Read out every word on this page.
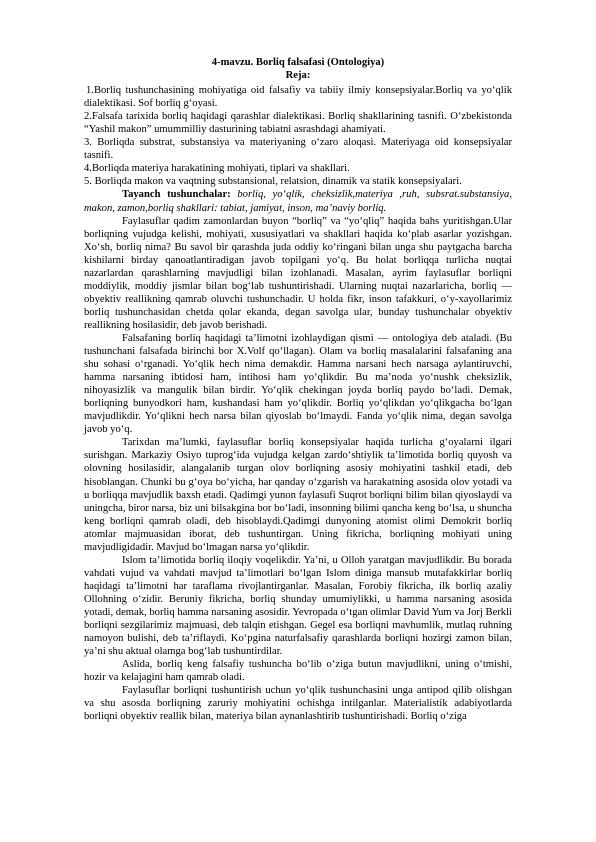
4-mavzu. Borliq falsafasi (Ontologiya)

Reja:

1.Borliq tushunchasining mohiyatiga oid falsafiy va tabiiy ilmiy konsepsiyalar.Borliq va yo‘qlik dialektikasi. Sof borliq g‘oyasi.

2.Falsafa tarixida borliq haqidagi qarashlar dialektikasi. Borliq shakllarining tasnifi. O‘zbekistonda “Yashil makon” umummilliy dasturining tabiatni asrashdagi ahamiyati.

3. Borliqda substrat, substansiya va materiyaning o‘zaro aloqasi. Materiyaga oid konsepsiyalar tasnifi.

4.Borliqda materiya harakatining mohiyati, tiplari va shakllari.

5. Borliqda makon va vaqtning substansional, relatsion, dinamik va statik konsepsiyalari.

Tayanch tushunchalar: borliq, yo‘qlik, cheksizlik,materiya ,ruh, subsrat.substansiya, makon, zamon,borliq shakllari: tabiat, jamiyat, inson, ma’naviy borliq.

Faylasuflar qadim zamonlardan buyon “borliq” va “yo‘qliq” haqida bahs yuritishgan.Ular borliqning vujudga kelishi, mohiyati, xususiyatlari va shakllari haqida ko‘plab asarlar yozishgan. Xo‘sh, borliq nima? Bu savol bir qarashda juda oddiy ko‘ringani bilan unga shu paytgacha barcha kishilarni birday qanoatlantiradigan javob topilgani yo‘q. Bu holat borliqqa turlicha nuqtai nazarlardan qarashlarning mavjudligi bilan izohlanadi. Masalan, ayrim faylasuflar borliqni moddiylik, moddiy jismlar bilan bog‘lab tushuntirishadi. Ularning nuqtai nazarlaricha, borliq — obyektiv reallikning qamrab oluvchi tushunchadir. U holda fikr, inson tafakkuri, o‘y-xayollarimiz borliq tushunchasidan chetda qolar ekanda, degan savolga ular, bunday tushunchalar obyektiv reallikning hosilasidir, deb javob berishadi.

Falsafaning borliq haqidagi ta’limotni izohlaydigan qismi — ontologiya deb ataladi. (Bu tushunchani falsafada birinchi bor X.Volf qo‘llagan). Olam va borliq masalalarini falsafaning ana shu sohasi o‘rganadi. Yo‘qlik hech nima demakdir. Hamma narsani hech narsaga aylantiruvchi, hamma narsaning ibtidosi ham, intihosi ham yo‘qlikdir. Bu ma’noda yo‘nushk cheksizlik, nihoyasizlik va mangulik bilan birdir. Yo‘qlik chekingan joyda borliq paydo bo‘ladi. Demak, borliqning bunyodkori ham, kushandasi ham yo‘qlikdir. Borliq yo‘qlikdan yo‘qlikgacha bo‘lgan mavjudlikdir. Yo‘qlikni hech narsa bilan qiyoslab bo‘lmaydi. Fanda yo‘qlik nima, degan savolga javob yo‘q.

Tarixdan ma’lumki, faylasuflar borliq konsepsiyalar haqida turlicha g‘oyalarni ilgari surishgan. Markaziy Osiyo tuprog‘ida vujudga kelgan zardo‘shtiylik ta’limotida borliq quyosh va olovning hosilasidir, alangalanib turgan olov borliqning asosiy mohiyatini tashkil etadi, deb hisoblangan. Chunki bu g‘oya bo‘yicha, har qanday o‘zgarish va harakatning asosida olov yotadi va u borliqqa mavjudlik baxsh etadi. Qadimgi yunon faylasufi Suqrot borliqni bilim bilan qiyoslaydi va uningcha, biror narsa, biz uni bilsakgina bor bo‘ladi, insonning bilimi qancha keng bo‘lsa, u shuncha keng borliqni qamrab oladi, deb hisoblaydi.Qadimgi dunyoning atomist olimi Demokrit borliq atomlar majmuasidan iborat, deb tushuntirgan. Uning fikricha, borliqning mohiyati uning mavjudligidadir. Mavjud bo‘lmagan narsa yo‘qlikdir.

Islom ta’limotida borliq iloqiy voqelikdir. Ya’ni, u Olloh yaratgan mavjudlikdir. Bu borada vahdati vujud va vahdati mavjud ta’limotlari bo‘lgan Islom diniga mansub mutafakkirlar borliq haqidagi ta’limotni har taraflama rivojlantirganlar. Masalan, Forobiy fikricha, ilk borliq azaliy Ollohning o‘zidir. Beruniy fikricha, borliq shunday umumiylikki, u hamma narsaning asosida yotadi, demak, borliq hamma narsaning asosidir. Yevropada o‘tgan olimlar David Yum va Jorj Berkli borliqni sezgilarimiz majmuasi, deb talqin etishgan. Gegel esa borliqni mavhumlik, mutlaq ruhning namoyon bulishi, deb ta’riflaydi. Ko‘pgina naturfalsafiy qarashlarda borliqni hozirgi zamon bilan, ya’ni shu aktual olamga bog‘lab tushuntirdilar.

Aslida, borliq keng falsafiy tushuncha bo‘lib o‘ziga butun mavjudlikni, uning o‘tmishi, hozir va kelajagini ham qamrab oladi.

Faylasuflar borliqni tushuntirish uchun yo‘qlik tushunchasini unga antipod qilib olishgan va shu asosda borliqning zaruriy mohiyatini ochishga intilganlar. Materialistik adabiyotlarda borliqni obyektiv reallik bilan, materiya bilan aynanlashtirib tushuntirishadi. Borliq o‘ziga
